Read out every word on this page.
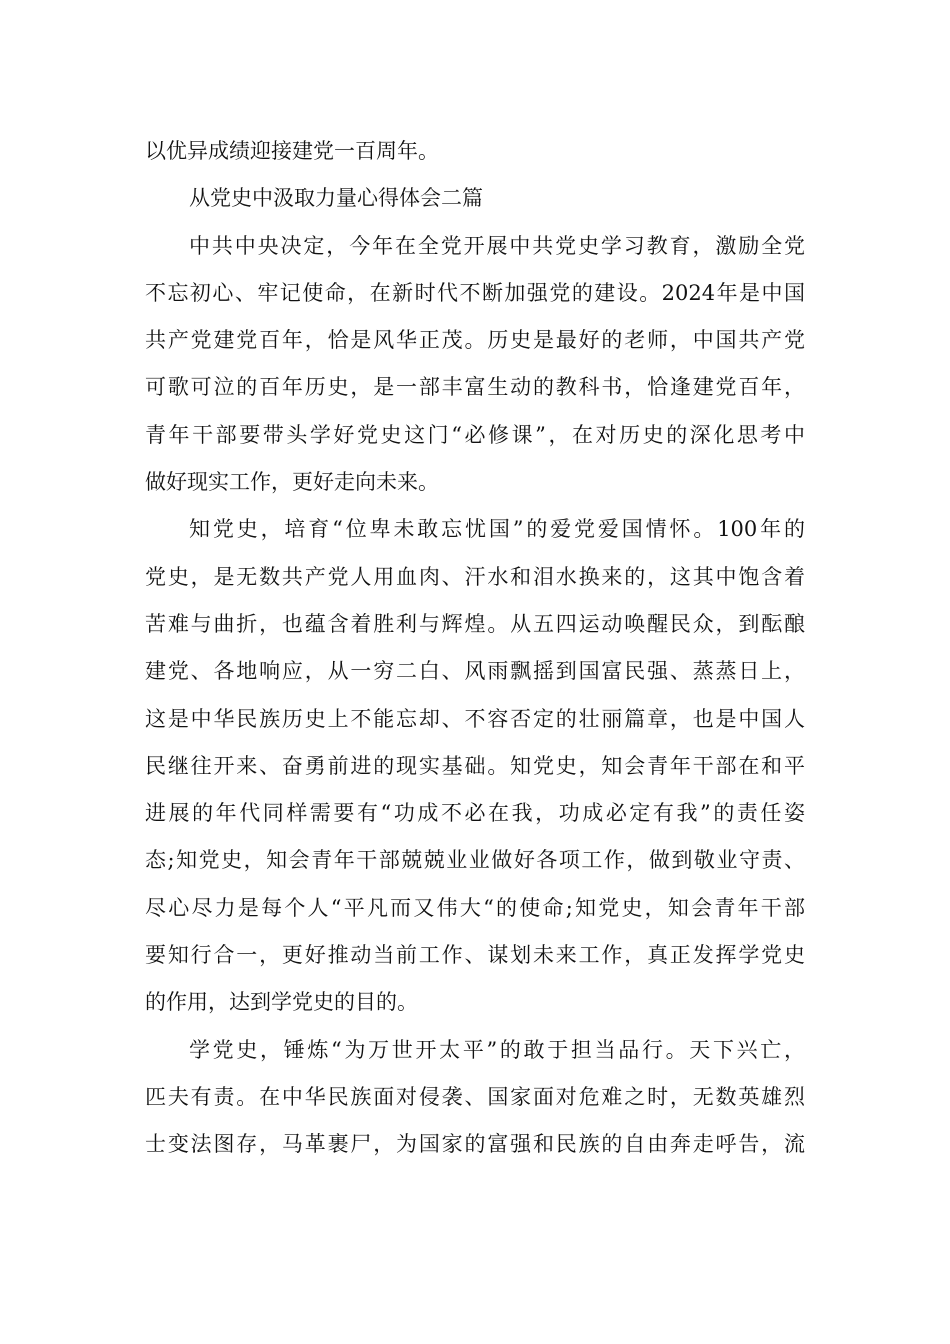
以优异成绩迎接建党一百周年。
从党史中汲取力量心得体会二篇
中共中央决定，今年在全党开展中共党史学习教育，激励全党
不忘初心、牢记使命，在新时代不断加强党的建设。2024年是中国
共产党建党百年，恰是风华正茂。历史是最好的老师，中国共产党
可歌可泣的百年历史，是一部丰富生动的教科书，恰逢建党百年，
青年干部要带头学好党史这门“必修课”，在对历史的深化思考中
做好现实工作，更好走向未来。
知党史，培育“位卑未敢忘忧国”的爱党爱国情怀。100年的
党史，是无数共产党人用血肉、汗水和泪水换来的，这其中饱含着
苦难与曲折，也蕴含着胜利与辉煌。从五四运动唤醒民众，到酝酿
建党、各地响应，从一穷二白、风雨飘摇到国富民强、蒸蒸日上，
这是中华民族历史上不能忘却、不容否定的壮丽篇章，也是中国人
民继往开来、奋勇前进的现实基础。知党史，知会青年干部在和平
进展的年代同样需要有“功成不必在我，功成必定有我”的责任姿
态;知党史，知会青年干部兢兢业业做好各项工作，做到敬业守责、
尽心尽力是每个人“平凡而又伟大“的使命;知党史，知会青年干部
要知行合一，更好推动当前工作、谋划未来工作，真正发挥学党史
的作用，达到学党史的目的。
学党史，锤炼“为万世开太平”的敢于担当品行。天下兴亡，
匹夫有责。在中华民族面对侵袭、国家面对危难之时，无数英雄烈
士变法图存，马革裹尸，为国家的富强和民族的自由奔走呼告，流
